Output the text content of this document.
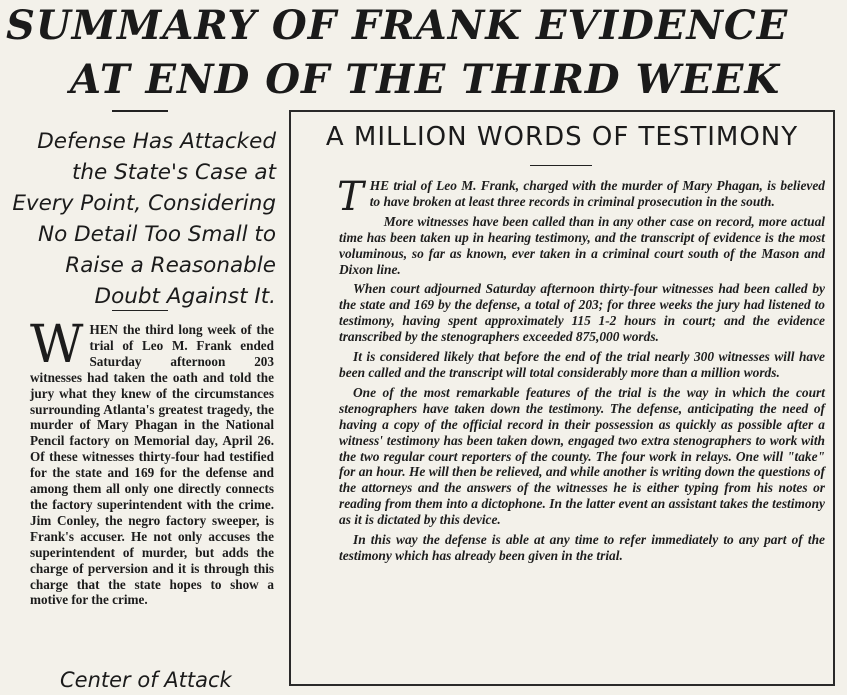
SUMMARY OF FRANK EVIDENCE
AT END OF THE THIRD WEEK
Defense Has Attacked the State's Case at Every Point, Considering No Detail Too Small to Raise a Reasonable Doubt Against It.
W HEN the third long week of the trial of Leo M. Frank ended Saturday afternoon 203 witnesses had taken the oath and told the jury what they knew of the circumstances surrounding Atlanta's greatest tragedy, the murder of Mary Phagan in the National Pencil factory on Memorial day, April 26. Of these witnesses thirty-four had testified for the state and 169 for the defense and among them all only one directly connects the factory superintendent with the crime. Jim Conley, the negro factory sweeper, is Frank's accuser. He not only accuses the superintendent of murder, but adds the charge of perversion and it is through this charge that the state hopes to show a motive for the crime.
Center of Attack
A MILLION WORDS OF TESTIMONY

T HE trial of Leo M. Frank, charged with the murder of Mary Phagan, is believed to have broken at least three records in criminal prosecution in the south.

More witnesses have been called than in any other case on record, more actual time has been taken up in hearing testimony, and the transcript of evidence is the most voluminous, so far as known, ever taken in a criminal court south of the Mason and Dixon line.

When court adjourned Saturday afternoon thirty-four witnesses had been called by the state and 169 by the defense, a total of 203; for three weeks the jury had listened to testimony, having spent approximately 115 1-2 hours in court; and the evidence transcribed by the stenographers exceeded 875,000 words.

It is considered likely that before the end of the trial nearly 300 witnesses will have been called and the transcript will total considerably more than a million words.

One of the most remarkable features of the trial is the way in which the court stenographers have taken down the testimony. The defense, anticipating the need of having a copy of the official record in their possession as quickly as possible after a witness' testimony has been taken down, engaged two extra stenographers to work with the two regular court reporters of the county. The four work in relays. One will "take" for an hour. He will then be relieved, and while another is writing down the questions of the attorneys and the answers of the witnesses he is either typing from his notes or reading from them into a dictophone. In the latter event an assistant takes the testimony as it is dictated by this device.

In this way the defense is able at any time to refer immediately to any part of the testimony which has already been given in the trial.
